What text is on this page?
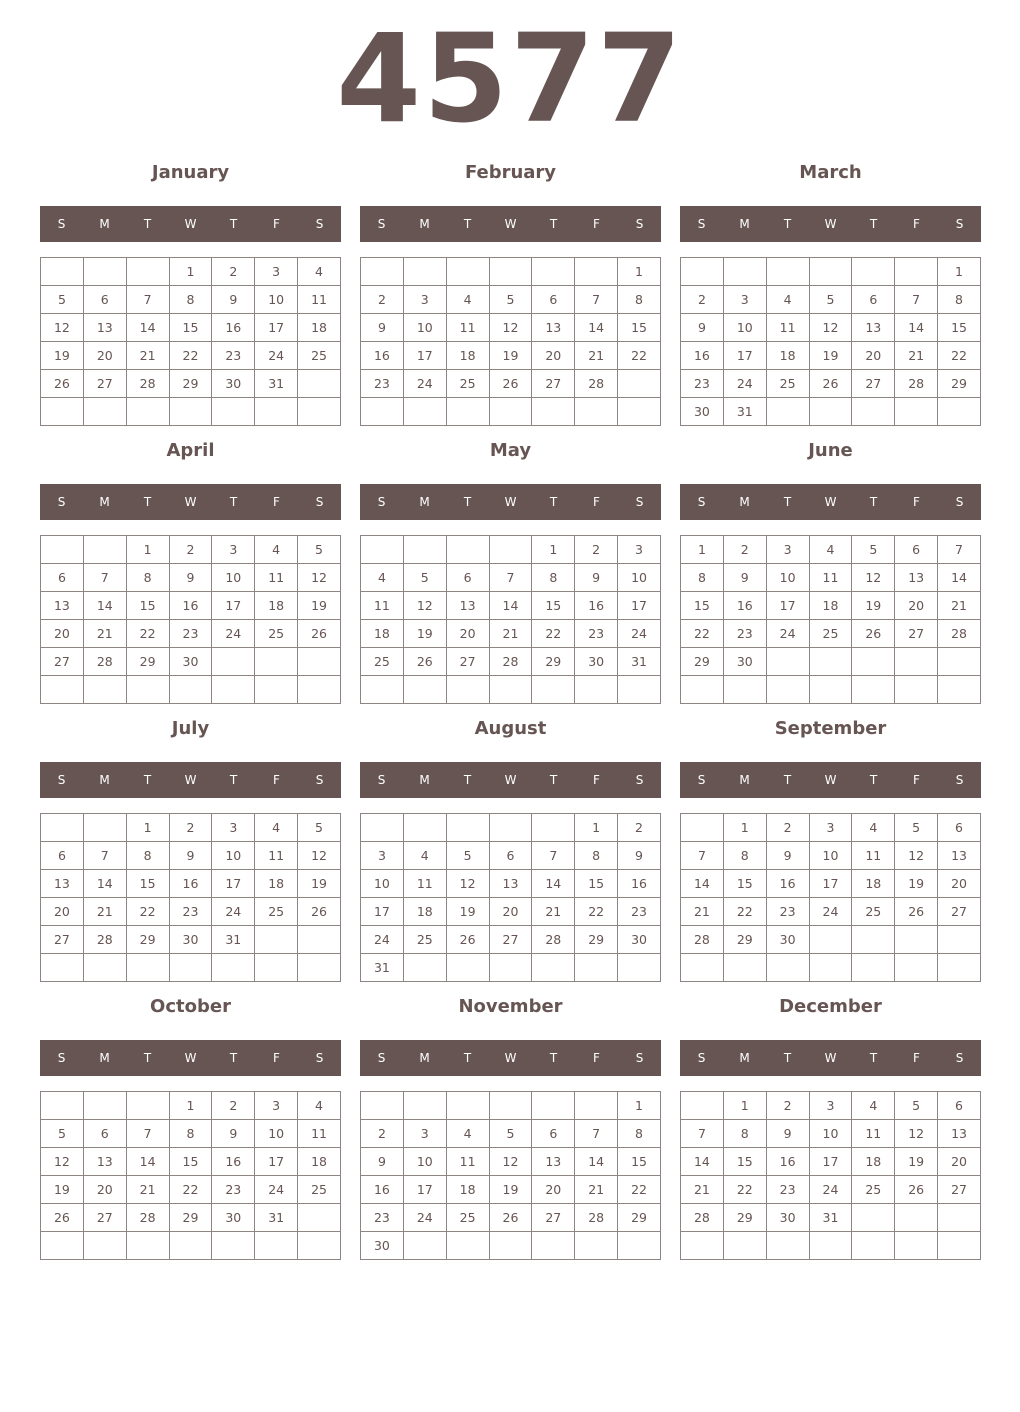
4577
January
S	M	T	W	T	F	S
			1	2	3	4
5	6	7	8	9	10	11
12	13	14	15	16	17	18
19	20	21	22	23	24	25
26	27	28	29	30	31	

February
S	M	T	W	T	F	S
						1
2	3	4	5	6	7	8
9	10	11	12	13	14	15
16	17	18	19	20	21	22
23	24	25	26	27	28	

March
S	M	T	W	T	F	S
						1
2	3	4	5	6	7	8
9	10	11	12	13	14	15
16	17	18	19	20	21	22
23	24	25	26	27	28	29
30	31					
April
S	M	T	W	T	F	S
		1	2	3	4	5
6	7	8	9	10	11	12
13	14	15	16	17	18	19
20	21	22	23	24	25	26
27	28	29	30			

May
S	M	T	W	T	F	S
				1	2	3
4	5	6	7	8	9	10
11	12	13	14	15	16	17
18	19	20	21	22	23	24
25	26	27	28	29	30	31

June
S	M	T	W	T	F	S
1	2	3	4	5	6	7
8	9	10	11	12	13	14
15	16	17	18	19	20	21
22	23	24	25	26	27	28
29	30					

July
S	M	T	W	T	F	S
		1	2	3	4	5
6	7	8	9	10	11	12
13	14	15	16	17	18	19
20	21	22	23	24	25	26
27	28	29	30	31		

August
S	M	T	W	T	F	S
					1	2
3	4	5	6	7	8	9
10	11	12	13	14	15	16
17	18	19	20	21	22	23
24	25	26	27	28	29	30
31						
September
S	M	T	W	T	F	S
	1	2	3	4	5	6
7	8	9	10	11	12	13
14	15	16	17	18	19	20
21	22	23	24	25	26	27
28	29	30				

October
S	M	T	W	T	F	S
			1	2	3	4
5	6	7	8	9	10	11
12	13	14	15	16	17	18
19	20	21	22	23	24	25
26	27	28	29	30	31	

November
S	M	T	W	T	F	S
						1
2	3	4	5	6	7	8
9	10	11	12	13	14	15
16	17	18	19	20	21	22
23	24	25	26	27	28	29
30						
December
S	M	T	W	T	F	S
	1	2	3	4	5	6
7	8	9	10	11	12	13
14	15	16	17	18	19	20
21	22	23	24	25	26	27
28	29	30	31			
